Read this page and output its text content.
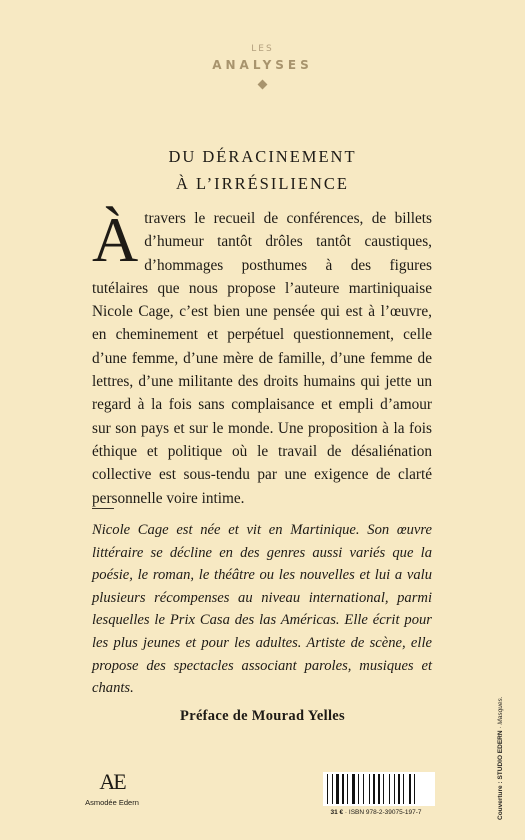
LES
ANALYSES
DU DÉRACINEMENT
À L’IRRÉSILIENCE
Àtravers le recueil de conférences, de billets d’humeur tantôt drôles tantôt caustiques, d’hommages posthumes à des figures tutélaires que nous propose l’auteure martiniquaise Nicole Cage, c’est bien une pensée qui est à l’œuvre, en cheminement et perpétuel questionnement, celle d’une femme, d’une mère de famille, d’une femme de lettres, d’une militante des droits humains qui jette un regard à la fois sans complaisance et empli d’amour sur son pays et sur le monde. Une proposition à la fois éthique et politique où le travail de désaliénation collective est sous-tendu par une exigence de clarté personnelle voire intime.
Nicole Cage est née et vit en Martinique. Son œuvre littéraire se décline en des genres aussi variés que la poésie, le roman, le théâtre ou les nouvelles et lui a valu plusieurs récompenses au niveau international, parmi lesquelles le Prix Casa des las Américas. Elle écrit pour les plus jeunes et pour les adultes. Artiste de scène, elle propose des spectacles associant paroles, musiques et chants.
Préface de Mourad Yelles
AE
Asmodée Edern
31 € · ISBN 978-2-39075-197-7	Couverture : STUDIO EDERN · Masques.
